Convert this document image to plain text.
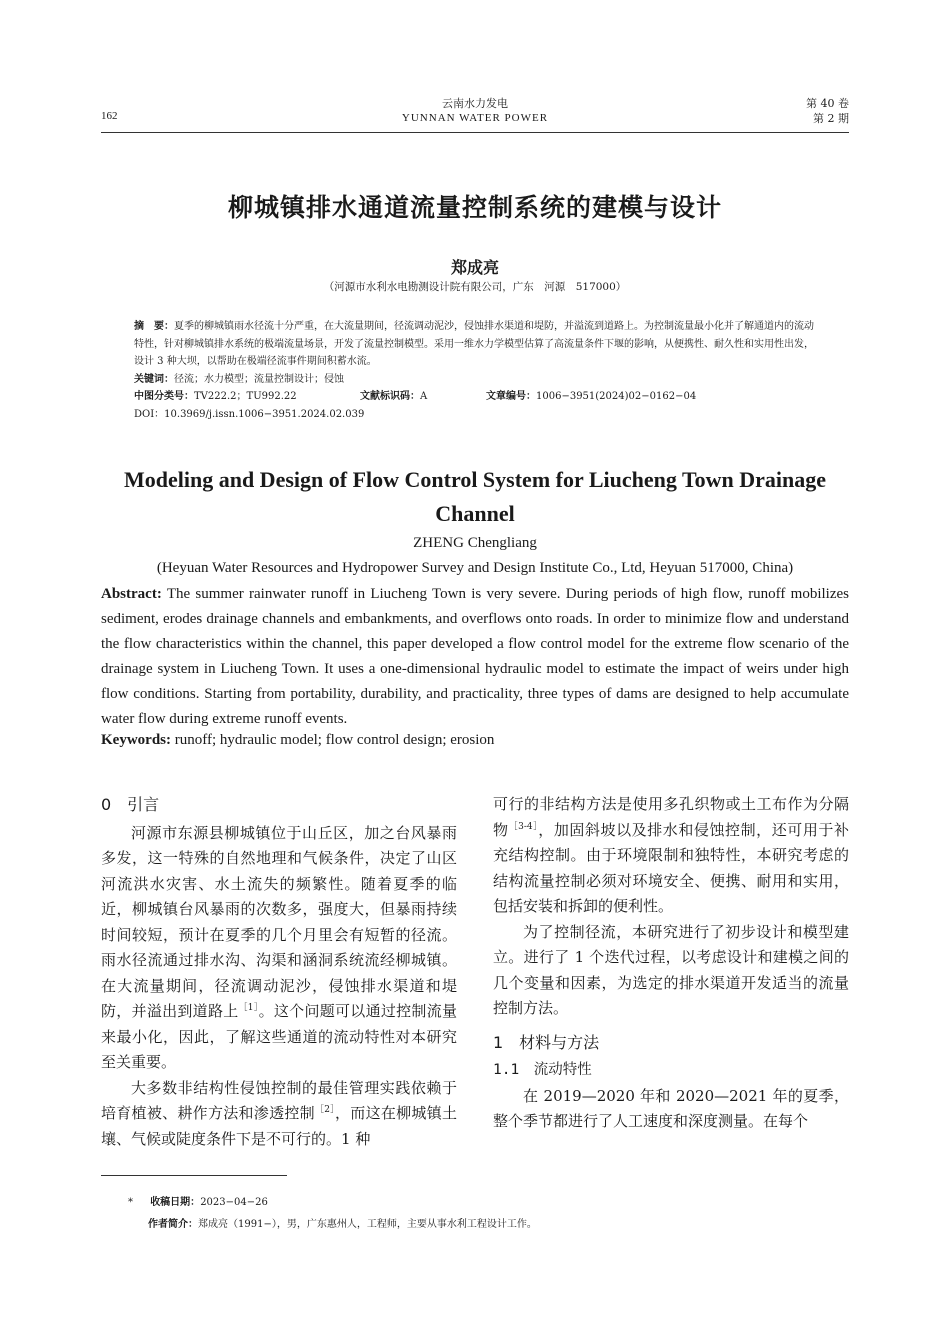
162
云南水力发电
YUNNAN WATER POWER
第 40 卷
第 2 期
柳城镇排水通道流量控制系统的建模与设计
郑成亮
（河源市水利水电勘测设计院有限公司，广东　河源　517000）
摘　要：夏季的柳城镇雨水径流十分严重，在大流量期间，径流调动泥沙，侵蚀排水渠道和堤防，并溢流到道路上。为控制流量最小化并了解通道内的流动特性，针对柳城镇排水系统的极端流量场景，开发了流量控制模型。采用一维水力学模型估算了高流量条件下堰的影响，从便携性、耐久性和实用性出发，设计 3 种大坝，以帮助在极端径流事件期间积蓄水流。
关键词：径流；水力模型；流量控制设计；侵蚀
中图分类号：TV222.2；TU992.22	文献标识码：A	文章编号：1006−3951(2024)02−0162−04
DOI：10.3969/j.issn.1006−3951.2024.02.039
Modeling and Design of Flow Control System for Liucheng Town Drainage Channel
ZHENG Chengliang
(Heyuan Water Resources and Hydropower Survey and Design Institute Co., Ltd, Heyuan 517000, China)
Abstract: The summer rainwater runoff in Liucheng Town is very severe. During periods of high flow, runoff mobilizes sediment, erodes drainage channels and embankments, and overflows onto roads. In order to minimize flow and understand the flow characteristics within the channel, this paper developed a flow control model for the extreme flow scenario of the drainage system in Liucheng Town. It uses a one-dimensional hydraulic model to estimate the impact of weirs under high flow conditions. Starting from portability, durability, and practicality, three types of dams are designed to help accumulate water flow during extreme runoff events.
Keywords: runoff; hydraulic model; flow control design; erosion

0　引言

河源市东源县柳城镇位于山丘区，加之台风暴雨多发，这一特殊的自然地理和气候条件，决定了山区河流洪水灾害、水土流失的频繁性。随着夏季的临近，柳城镇台风暴雨的次数多，强度大，但暴雨持续时间较短，预计在夏季的几个月里会有短暂的径流。雨水径流通过排水沟、沟渠和涵洞系统流经柳城镇。在大流量期间，径流调动泥沙，侵蚀排水渠道和堤防，并溢出到道路上$^{[1]}$。这个问题可以通过控制流量来最小化，因此，了解这些通道的流动特性对本研究至关重要。

大多数非结构性侵蚀控制的最佳管理实践依赖于培育植被、耕作方法和渗透控制$^{[2]}$，而这在柳城镇土壤、气候或陡度条件下是不可行的。1 种

可行的非结构方法是使用多孔织物或土工布作为分隔物$^{[3-4]}$，加固斜坡以及排水和侵蚀控制，还可用于补充结构控制。由于环境限制和独特性，本研究考虑的结构流量控制必须对环境安全、便携、耐用和实用，包括安装和拆卸的便利性。

为了控制径流，本研究进行了初步设计和模型建立。进行了 1 个迭代过程，以考虑设计和建模之间的几个变量和因素，为选定的排水渠道开发适当的流量控制方法。

1　材料与方法

1.1　流动特性

在 2019—2020 年和 2020—2021 年的夏季，整个季节都进行了人工速度和深度测量。在每个

* 收稿日期：2023−04−26
作者简介：郑成亮（1991−），男，广东惠州人，工程师，主要从事水利工程设计工作。
